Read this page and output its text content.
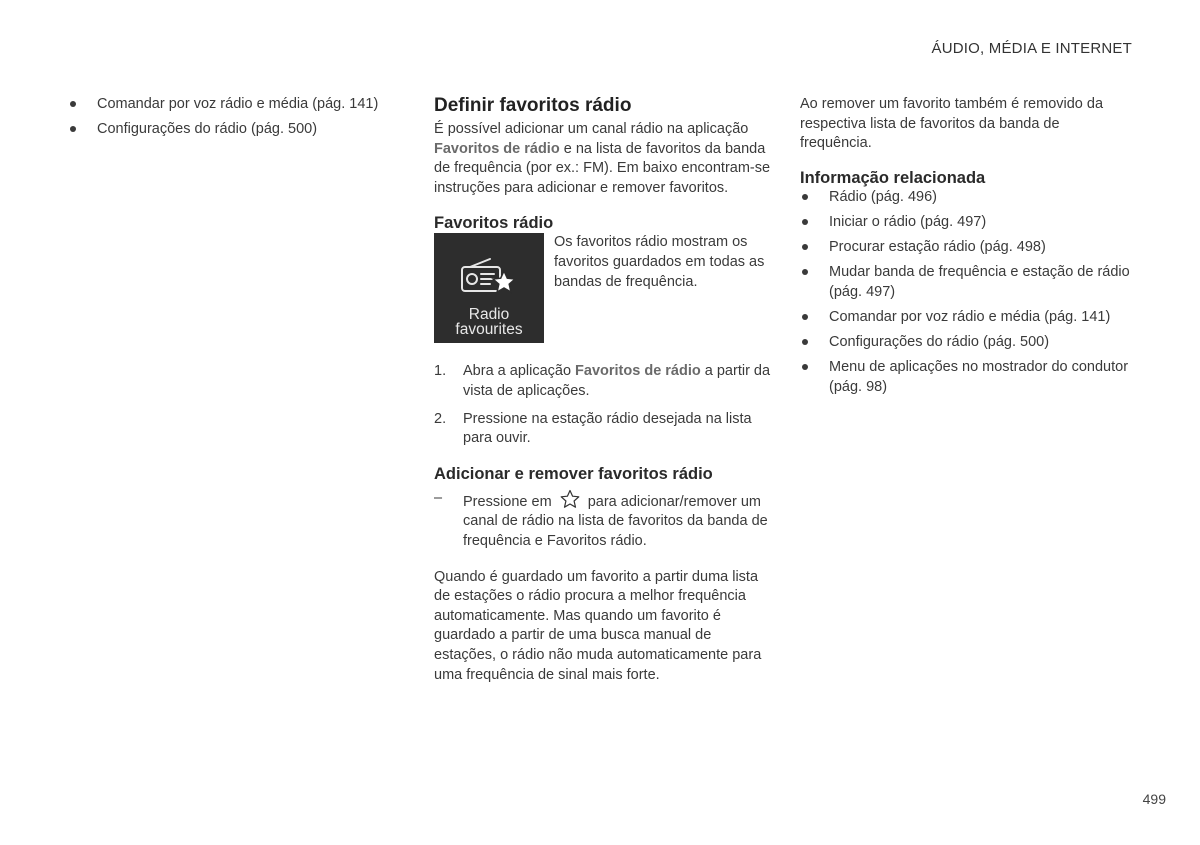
ÁUDIO, MÉDIA E INTERNET
Comandar por voz rádio e média (pág. 141)
Configurações do rádio (pág. 500)
Definir favoritos rádio

É possível adicionar um canal rádio na aplicação Favoritos de rádio e na lista de favoritos da banda de frequência (por ex.: FM). Em baixo encontram-se instruções para adicionar e remover favoritos.

Favoritos rádio
Radio
favourites

Os favoritos rádio mostram os favoritos guardados em todas as bandas de frequência.

1. Abra a aplicação Favoritos de rádio a partir da vista de aplicações.
2. Pressione na estação rádio desejada na lista para ouvir.
Adicionar e remover favoritos rádio
– Pressione em para adicionar/remover um canal de rádio na lista de favoritos da banda de frequência e Favoritos rádio.

Quando é guardado um favorito a partir duma lista de estações o rádio procura a melhor frequência automaticamente. Mas quando um favorito é guardado a partir de uma busca manual de estações, o rádio não muda automaticamente para uma frequência de sinal mais forte.

Ao remover um favorito também é removido da respectiva lista de favoritos da banda de frequência.

Informação relacionada
Rádio (pág. 496)
Iniciar o rádio (pág. 497)
Procurar estação rádio (pág. 498)
Mudar banda de frequência e estação de rádio (pág. 497)
Comandar por voz rádio e média (pág. 141)
Configurações do rádio (pág. 500)
Menu de aplicações no mostrador do condutor (pág. 98)
499
